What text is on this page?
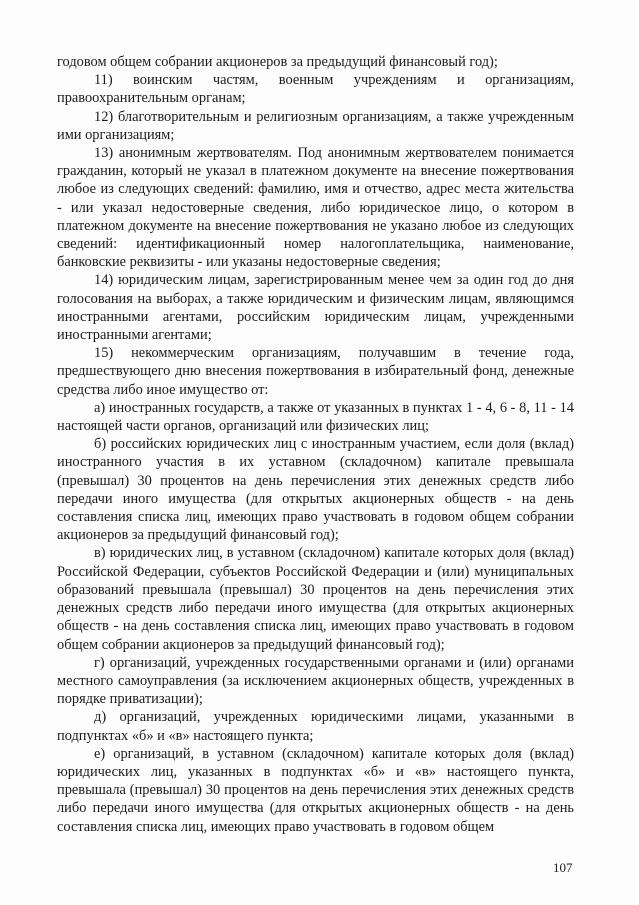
годовом общем собрании акционеров за предыдущий финансовый год);

11) воинским частям, военным учреждениям и организациям, правоохранительным органам;

12) благотворительным и религиозным организациям, а также учрежденным ими организациям;

13) анонимным жертвователям. Под анонимным жертвователем понимается гражданин, который не указал в платежном документе на внесение пожертвования любое из следующих сведений: фамилию, имя и отчество, адрес места жительства - или указал недостоверные сведения, либо юридическое лицо, о котором в платежном документе на внесение пожертвования не указано любое из следующих сведений: идентификационный номер налогоплательщика, наименование, банковские реквизиты - или указаны недостоверные сведения;

14) юридическим лицам, зарегистрированным менее чем за один год до дня голосования на выборах, а также юридическим и физическим лицам, являющимся иностранными агентами, российским юридическим лицам, учрежденными иностранными агентами;

15) некоммерческим организациям, получавшим в течение года, предшествующего дню внесения пожертвования в избирательный фонд, денежные средства либо иное имущество от:

а) иностранных государств, а также от указанных в пунктах 1 - 4, 6 - 8, 11 - 14 настоящей части органов, организаций или физических лиц;

б) российских юридических лиц с иностранным участием, если доля (вклад) иностранного участия в их уставном (складочном) капитале превышала (превышал) 30 процентов на день перечисления этих денежных средств либо передачи иного имущества (для открытых акционерных обществ - на день составления списка лиц, имеющих право участвовать в годовом общем собрании акционеров за предыдущий финансовый год);

в) юридических лиц, в уставном (складочном) капитале которых доля (вклад) Российской Федерации, субъектов Российской Федерации и (или) муниципальных образований превышала (превышал) 30 процентов на день перечисления этих денежных средств либо передачи иного имущества (для открытых акционерных обществ - на день составления списка лиц, имеющих право участвовать в годовом общем собрании акционеров за предыдущий финансовый год);

г) организаций, учрежденных государственными органами и (или) органами местного самоуправления (за исключением акционерных обществ, учрежденных в порядке приватизации);

д) организаций, учрежденных юридическими лицами, указанными в подпунктах «б» и «в» настоящего пункта;

е) организаций, в уставном (складочном) капитале которых доля (вклад) юридических лиц, указанных в подпунктах «б» и «в» настоящего пункта, превышала (превышал) 30 процентов на день перечисления этих денежных средств либо передачи иного имущества (для открытых акционерных обществ - на день составления списка лиц, имеющих право участвовать в годовом общем

107
